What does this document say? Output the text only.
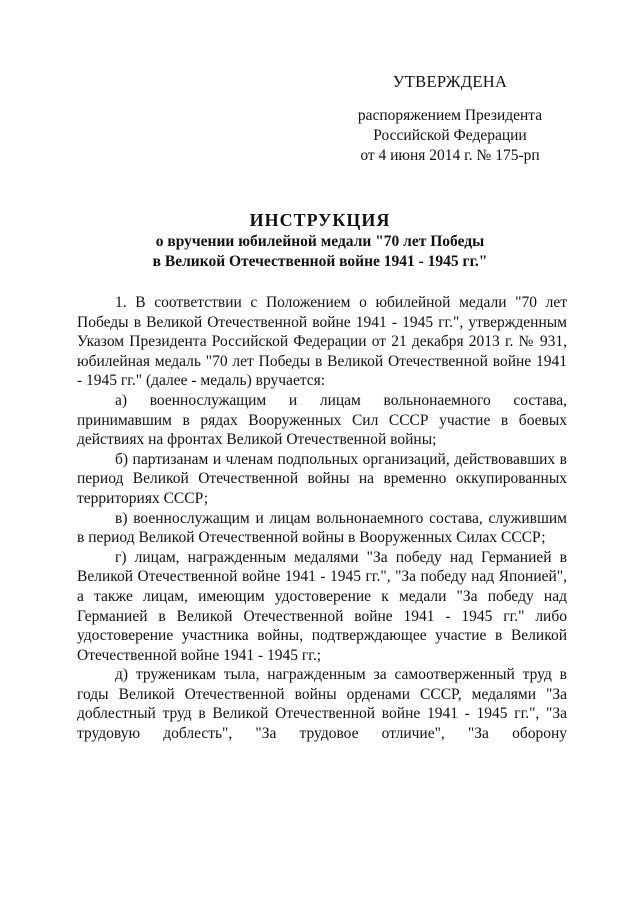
УТВЕРЖДЕНА
распоряжением Президента
Российской Федерации
от 4 июня 2014 г. № 175-рп
ИНСТРУКЦИЯ
о вручении юбилейной медали "70 лет Победы
в Великой Отечественной войне 1941 - 1945 гг."

1. В соответствии с Положением о юбилейной медали "70 лет Победы в Великой Отечественной войне 1941 - 1945 гг.", утвержденным Указом Президента Российской Федерации от 21 декабря 2013 г. № 931, юбилейная медаль "70 лет Победы в Великой Отечественной войне 1941 - 1945 гг." (далее - медаль) вручается:

а) военнослужащим и лицам вольнонаемного состава, принимавшим в рядах Вооруженных Сил СССР участие в боевых действиях на фронтах Великой Отечественной войны;

б) партизанам и членам подпольных организаций, действовавших в период Великой Отечественной войны на временно оккупированных территориях СССР;

в) военнослужащим и лицам вольнонаемного состава, служившим в период Великой Отечественной войны в Вооруженных Силах СССР;

г) лицам, награжденным медалями "За победу над Германией в Великой Отечественной войне 1941 - 1945 гг.", "За победу над Японией", а также лицам, имеющим удостоверение к медали "За победу над Германией в Великой Отечественной войне 1941 - 1945 гг." либо удостоверение участника войны, подтверждающее участие в Великой Отечественной войне 1941 - 1945 гг.;

д) труженикам тыла, награжденным за самоотверженный труд в годы Великой Отечественной войны орденами СССР, медалями "За доблестный труд в Великой Отечественной войне 1941 - 1945 гг.", "За трудовую доблесть", "За трудовое отличие", "За оборону
